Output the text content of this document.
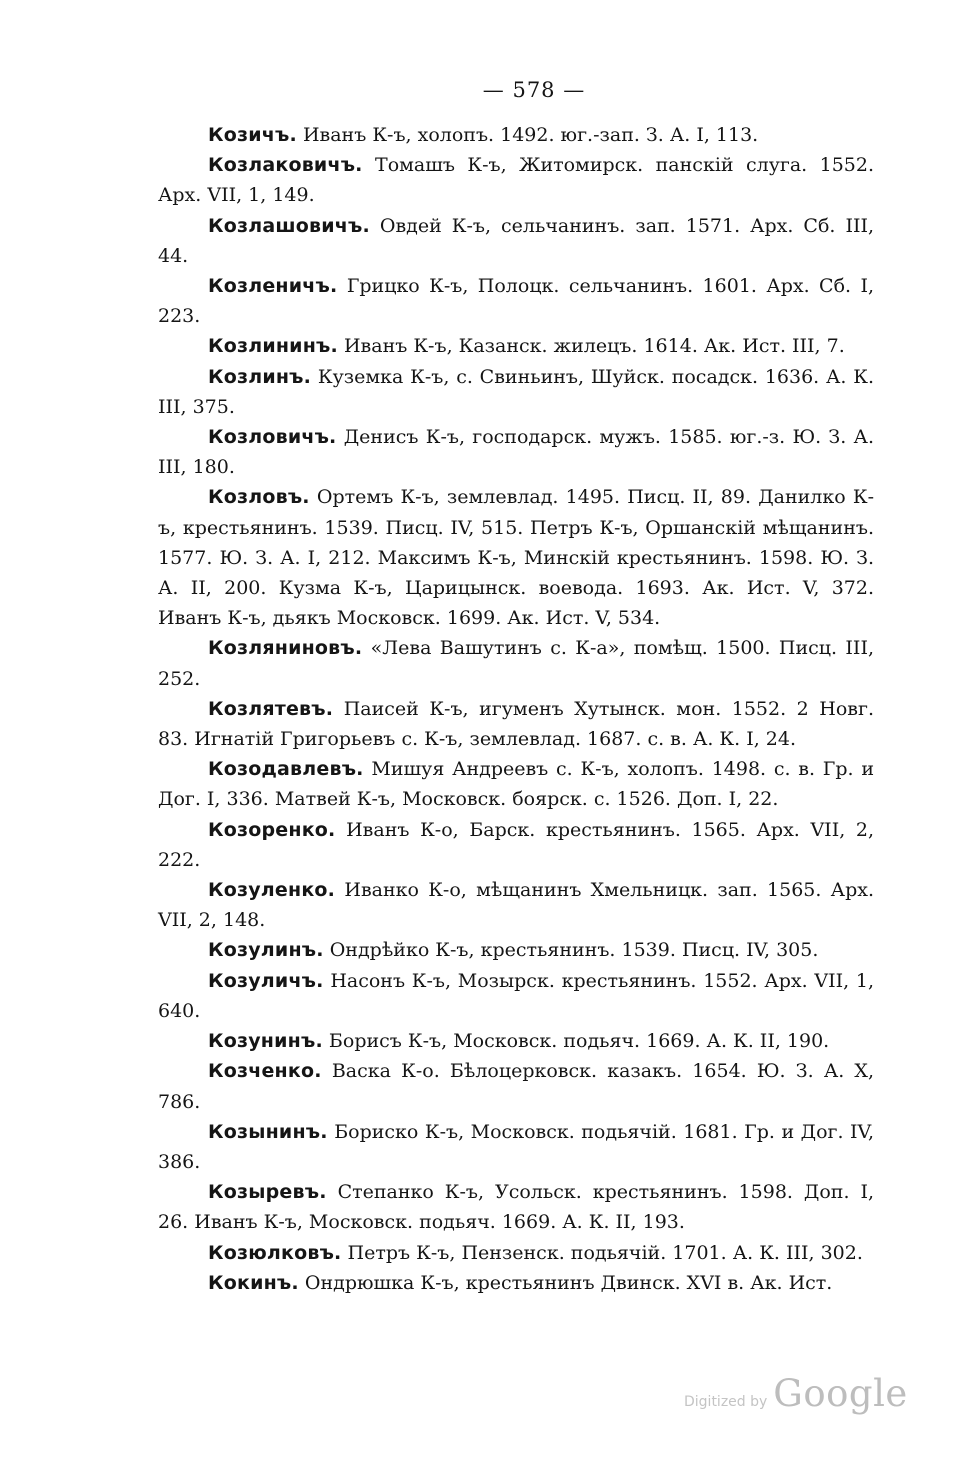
— 578 —

Козичъ. Иванъ К-ъ, холопъ. 1492. юг.-зап. З. А. I, 113.

Козлаковичъ. Томашъ К-ъ, Житомирск. панскій слуга. 1552. Арх. VII, 1, 149.

Козлашовичъ. Овдей К-ъ, сельчанинъ. зап. 1571. Арх. Сб. III, 44.

Козленичъ. Грицко К-ъ, Полоцк. сельчанинъ. 1601. Арх. Сб. I, 223.

Козлининъ. Иванъ К-ъ, Казанск. жилецъ. 1614. Ак. Ист. III, 7.

Козлинъ. Куземка К-ъ, с. Свиньинъ, Шуйск. посадск. 1636. А. К. III, 375.

Козловичъ. Денисъ К-ъ, господарск. мужъ. 1585. юг.-з. Ю. З. А. III, 180.

Козловъ. Ортемъ К-ъ, землевлад. 1495. Писц. II, 89. Данилко К-ъ, крестьянинъ. 1539. Писц. IV, 515. Петръ К-ъ, Оршанскій мѣщанинъ. 1577. Ю. З. А. I, 212. Максимъ К-ъ, Минскій крестьянинъ. 1598. Ю. З. А. II, 200. Кузма К-ъ, Царицынск. воевода. 1693. Ак. Ист. V, 372. Иванъ К-ъ, дьякъ Московск. 1699. Ак. Ист. V, 534.

Козляниновъ. «Лева Вашутинъ с. К-а», помѣщ. 1500. Писц. III, 252.

Козлятевъ. Паисей К-ъ, игуменъ Хутынск. мон. 1552. 2 Новг. 83. Игнатій Григорьевъ с. К-ъ, землевлад. 1687. с. в. А. К. I, 24.

Козодавлевъ. Мишуя Андреевъ с. К-ъ, холопъ. 1498. с. в. Гр. и Дог. I, 336. Матвей К-ъ, Московск. боярск. с. 1526. Доп. I, 22.

Козоренко. Иванъ К-о, Барск. крестьянинъ. 1565. Арх. VII, 2, 222.

Козуленко. Иванко К-о, мѣщанинъ Хмельницк. зап. 1565. Арх. VII, 2, 148.

Козулинъ. Ондрѣйко К-ъ, крестьянинъ. 1539. Писц. IV, 305.

Козуличъ. Насонъ К-ъ, Мозырск. крестьянинъ. 1552. Арх. VII, 1, 640.

Козунинъ. Борисъ К-ъ, Московск. подьяч. 1669. А. К. II, 190.

Козченко. Васка К-о. Бѣлоцерковск. казакъ. 1654. Ю. З. А. X, 786.

Козынинъ. Бориско К-ъ, Московск. подьячій. 1681. Гр. и Дог. IV, 386.

Козыревъ. Степанко К-ъ, Усольск. крестьянинъ. 1598. Доп. I, 26. Иванъ К-ъ, Московск. подьяч. 1669. А. К. II, 193.

Козюлковъ. Петръ К-ъ, Пензенск. подьячій. 1701. А. К. III, 302.

Кокинъ. Ондрюшка К-ъ, крестьянинъ Двинск. XVI в. Ак. Ист.

Digitized by Google
